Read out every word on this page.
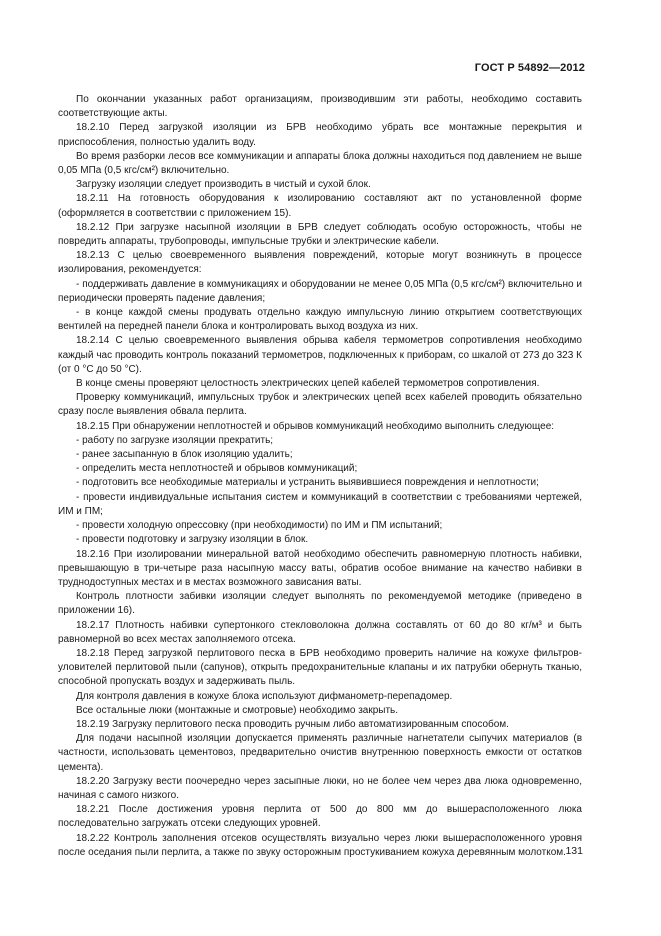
ГОСТ Р 54892—2012

По окончании указанных работ организациям, производившим эти работы, необходимо составить соответствующие акты.

18.2.10 Перед загрузкой изоляции из БРВ необходимо убрать все монтажные перекрытия и приспособления, полностью удалить воду.

Во время разборки лесов все коммуникации и аппараты блока должны находиться под давлением не выше 0,05 МПа (0,5 кгс/см²) включительно.

Загрузку изоляции следует производить в чистый и сухой блок.

18.2.11 На готовность оборудования к изолированию составляют акт по установленной форме (оформляется в соответствии с приложением 15).

18.2.12 При загрузке насыпной изоляции в БРВ следует соблюдать особую осторожность, чтобы не повредить аппараты, трубопроводы, импульсные трубки и электрические кабели.

18.2.13 С целью своевременного выявления повреждений, которые могут возникнуть в процессе изолирования, рекомендуется:

- поддерживать давление в коммуникациях и оборудовании не менее 0,05 МПа (0,5 кгс/см²) включительно и периодически проверять падение давления;

- в конце каждой смены продувать отдельно каждую импульсную линию открытием соответствующих вентилей на передней панели блока и контролировать выход воздуха из них.

18.2.14 С целью своевременного выявления обрыва кабеля термометров сопротивления необходимо каждый час проводить контроль показаний термометров, подключенных к приборам, со шкалой от 273 до 323 К (от 0 °С до 50 °С).

В конце смены проверяют целостность электрических цепей кабелей термометров сопротивления.

Проверку коммуникаций, импульсных трубок и электрических цепей всех кабелей проводить обязательно сразу после выявления обвала перлита.

18.2.15 При обнаружении неплотностей и обрывов коммуникаций необходимо выполнить следующее:

- работу по загрузке изоляции прекратить;

- ранее засыпанную в блок изоляцию удалить;

- определить места неплотностей и обрывов коммуникаций;

- подготовить все необходимые материалы и устранить выявившиеся повреждения и неплотности;

- провести индивидуальные испытания систем и коммуникаций в соответствии с требованиями чертежей, ИМ и ПМ;

- провести холодную опрессовку (при необходимости) по ИМ и ПМ испытаний;

- провести подготовку и загрузку изоляции в блок.

18.2.16 При изолировании минеральной ватой необходимо обеспечить равномерную плотность набивки, превышающую в три-четыре раза насыпную массу ваты, обратив особое внимание на качество набивки в труднодоступных местах и в местах возможного зависания ваты.

Контроль плотности забивки изоляции следует выполнять по рекомендуемой методике (приведено в приложении 16).

18.2.17 Плотность набивки супертонкого стекловолокна должна составлять от 60 до 80 кг/м³ и быть равномерной во всех местах заполняемого отсека.

18.2.18 Перед загрузкой перлитового песка в БРВ необходимо проверить наличие на кожухе фильтров-уловителей перлитовой пыли (сапунов), открыть предохранительные клапаны и их патрубки обернуть тканью, способной пропускать воздух и задерживать пыль.

Для контроля давления в кожухе блока используют дифманометр-перепадомер.

Все остальные люки (монтажные и смотровые) необходимо закрыть.

18.2.19 Загрузку перлитового песка проводить ручным либо автоматизированным способом.

Для подачи насыпной изоляции допускается применять различные нагнетатели сыпучих материалов (в частности, использовать цементовоз, предварительно очистив внутреннюю поверхность емкости от остатков цемента).

18.2.20 Загрузку вести поочередно через засыпные люки, но не более чем через два люка одновременно, начиная с самого низкого.

18.2.21 После достижения уровня перлита от 500 до 800 мм до вышерасположенного люка последовательно загружать отсеки следующих уровней.

18.2.22 Контроль заполнения отсеков осуществлять визуально через люки вышерасположенного уровня после оседания пыли перлита, а также по звуку осторожным простукиванием кожуха деревянным молотком. 131
